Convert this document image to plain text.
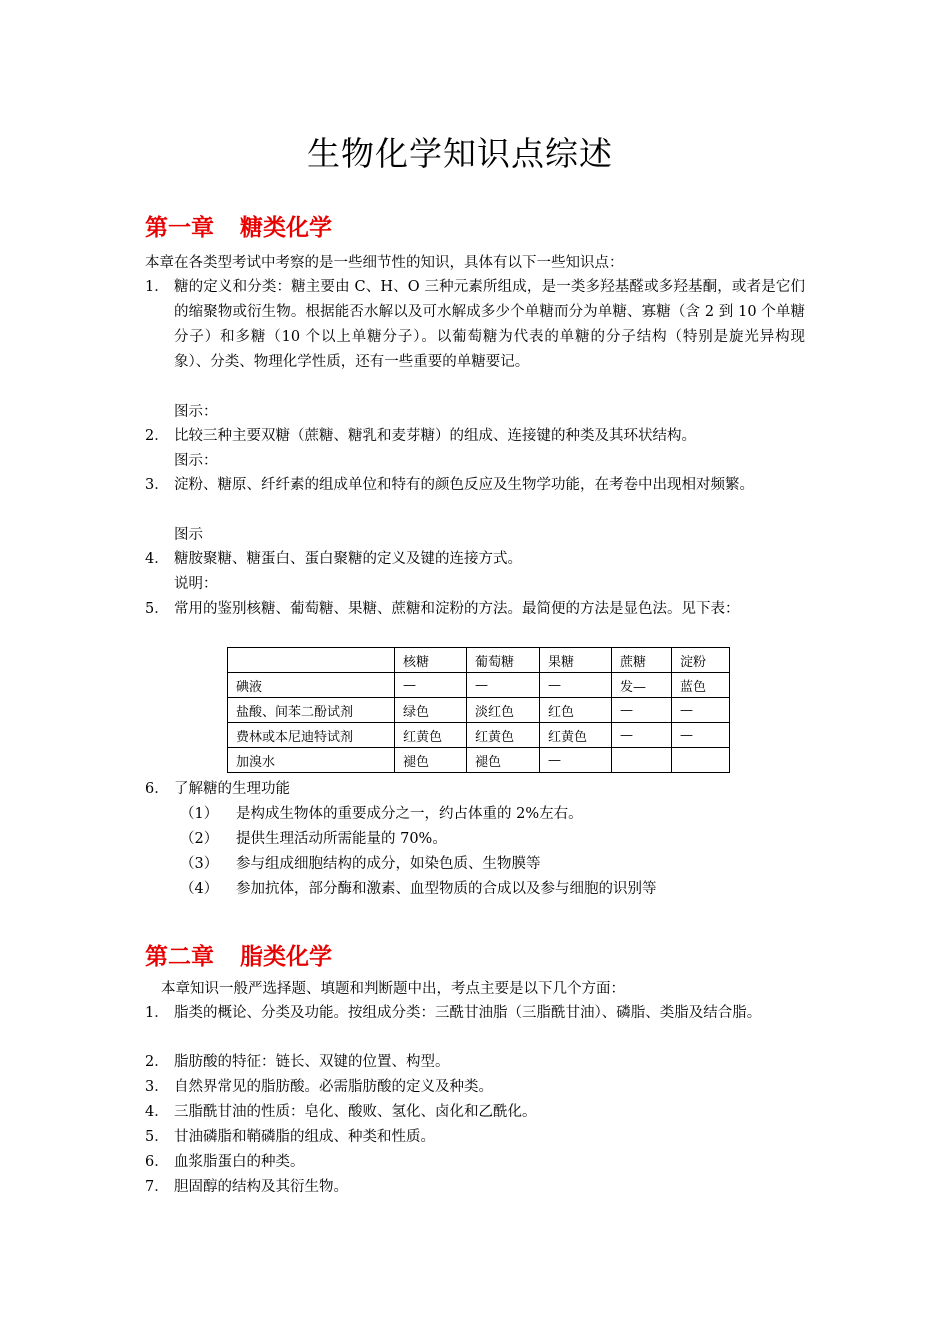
生物化学知识点综述
第一章 糖类化学
本章在各类型考试中考察的是一些细节性的知识，具体有以下一些知识点：
1． 糖的定义和分类：糖主要由 C、H、O 三种元素所组成，是一类多羟基醛或多羟基酮，或者是它们的缩聚物或衍生物。根据能否水解以及可水解成多少个单糖而分为单糖、寡糖（含 2 到 10 个单糖分子）和多糖（10 个以上单糖分子）。以葡萄糖为代表的单糖的分子结构（特别是旋光异构现象）、分类、物理化学性质，还有一些重要的单糖要记。
图示：
2． 比较三种主要双糖（蔗糖、糖乳和麦芽糖）的组成、连接键的种类及其环状结构。
图示：
3． 淀粉、糖原、纤纤素的组成单位和特有的颜色反应及生物学功能，在考卷中出现相对频繁。
图示
4． 糖胺聚糖、糖蛋白、蛋白聚糖的定义及键的连接方式。
说明：
5． 常用的鉴别核糖、葡萄糖、果糖、蔗糖和淀粉的方法。最简便的方法是显色法。见下表：
	核糖	葡萄糖	果糖	蔗糖	淀粉
碘液	—	—	—	发—	蓝色
盐酸、间苯二酚试剂	绿色	淡红色	红色	—	—
费林或本尼迪特试剂	红黄色	红黄色	红黄色	—	—
加溴水	褪色	褪色	—		
6． 了解糖的生理功能
（1） 是构成生物体的重要成分之一，约占体重的 2%左右。
（2） 提供生理活动所需能量的 70%。
（3） 参与组成细胞结构的成分，如染色质、生物膜等
（4） 参加抗体，部分酶和激素、血型物质的合成以及参与细胞的识别等
第二章 脂类化学
本章知识一般严选择题、填题和判断题中出，考点主要是以下几个方面：
1． 脂类的概论、分类及功能。按组成分类：三酰甘油脂（三脂酰甘油）、磷脂、类脂及结合脂。
2． 脂肪酸的特征：链长、双键的位置、构型。
3． 自然界常见的脂肪酸。必需脂肪酸的定义及种类。
4． 三脂酰甘油的性质：皂化、酸败、氢化、卤化和乙酰化。
5． 甘油磷脂和鞘磷脂的组成、种类和性质。
6． 血浆脂蛋白的种类。
7． 胆固醇的结构及其衍生物。
